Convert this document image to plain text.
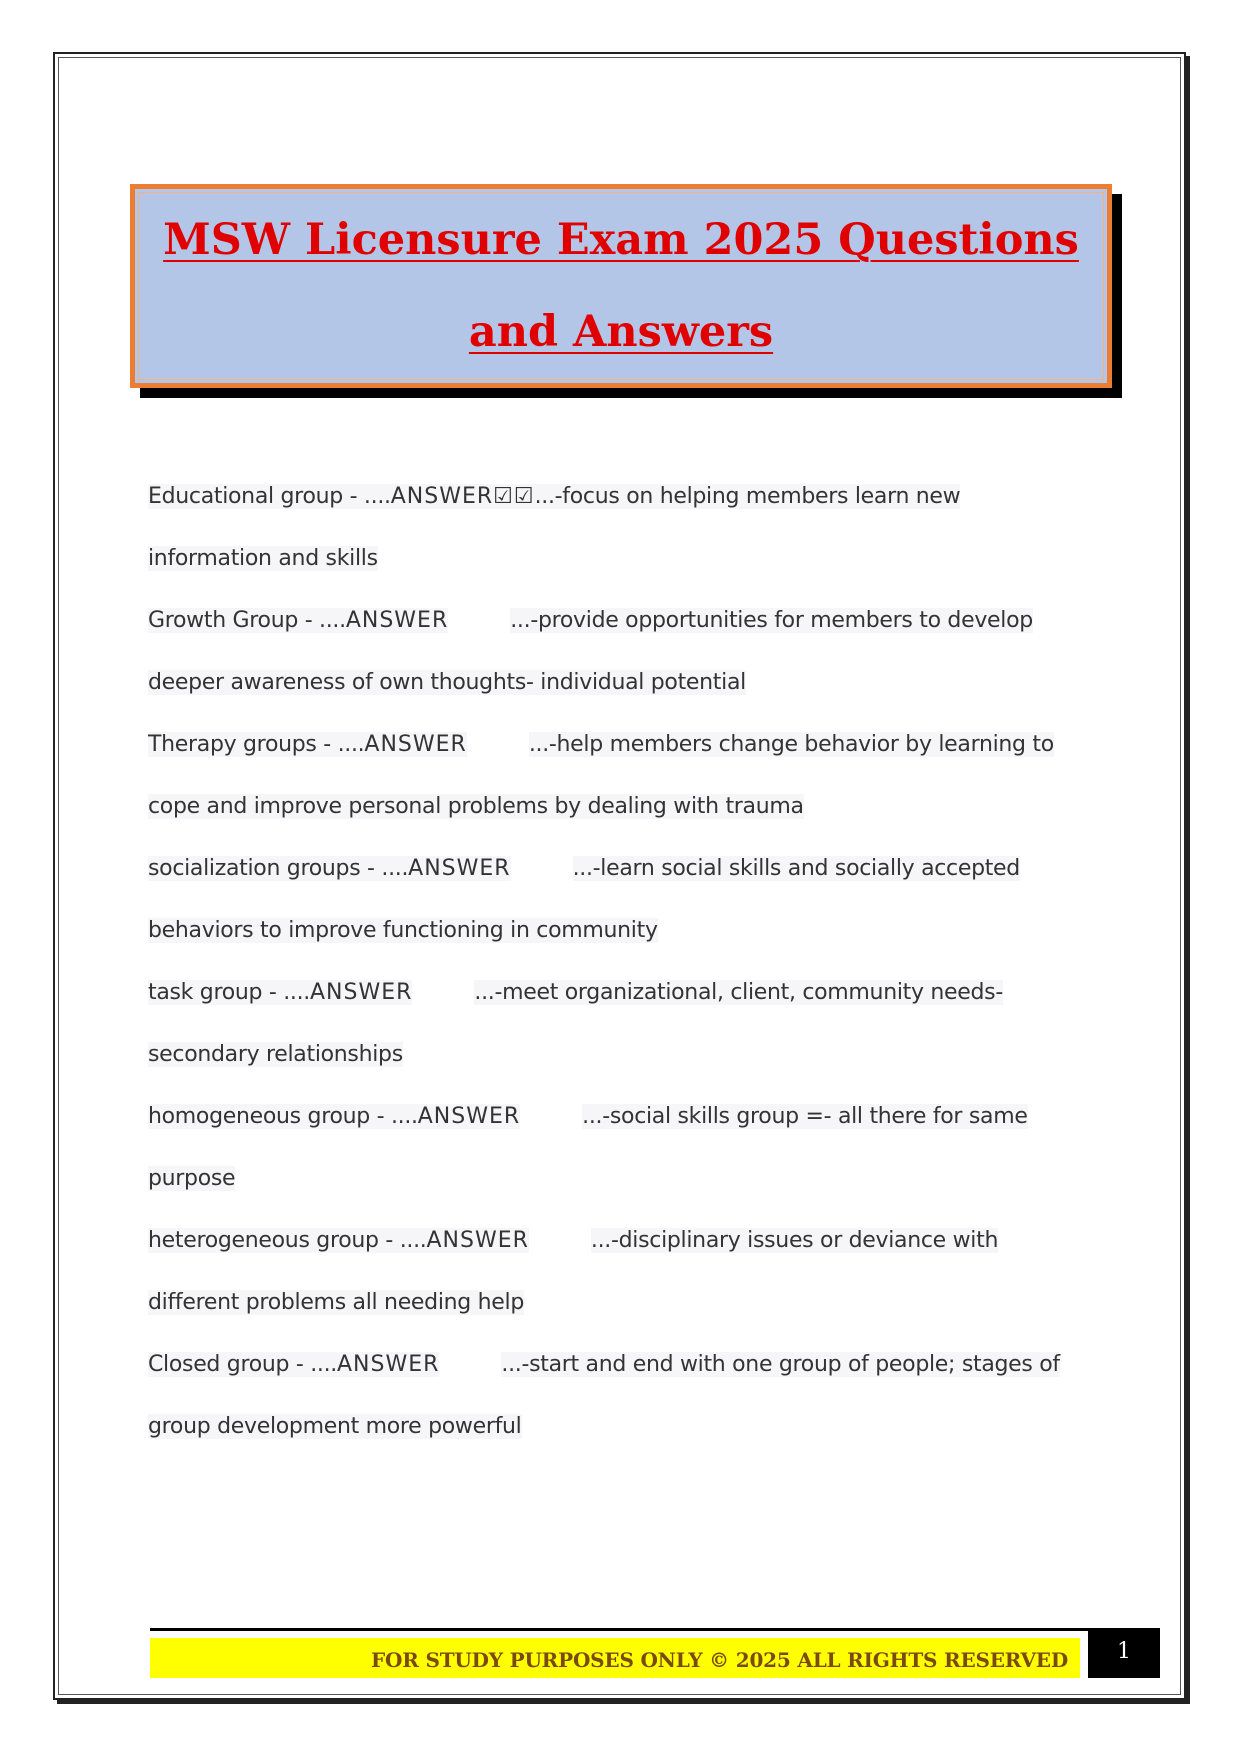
MSW Licensure Exam 2025 Questions and Answers
Educational group - ....ANSWER☑☑...-focus on helping members learn new information and skills
Growth Group - ....ANSWER	...-provide opportunities for members to develop deeper awareness of own thoughts- individual potential
Therapy groups - ....ANSWER	...-help members change behavior by learning to cope and improve personal problems by dealing with trauma
socialization groups - ....ANSWER	...-learn social skills and socially accepted behaviors to improve functioning in community
task group - ....ANSWER	...-meet organizational, client, community needs- secondary relationships
homogeneous group - ....ANSWER	...-social skills group =- all there for same purpose
heterogeneous group - ....ANSWER	...-disciplinary issues or deviance with different problems all needing help
Closed group - ....ANSWER	...-start and end with one group of people; stages of group development more powerful
FOR STUDY PURPOSES ONLY © 2025 ALL RIGHTS RESERVED	1
